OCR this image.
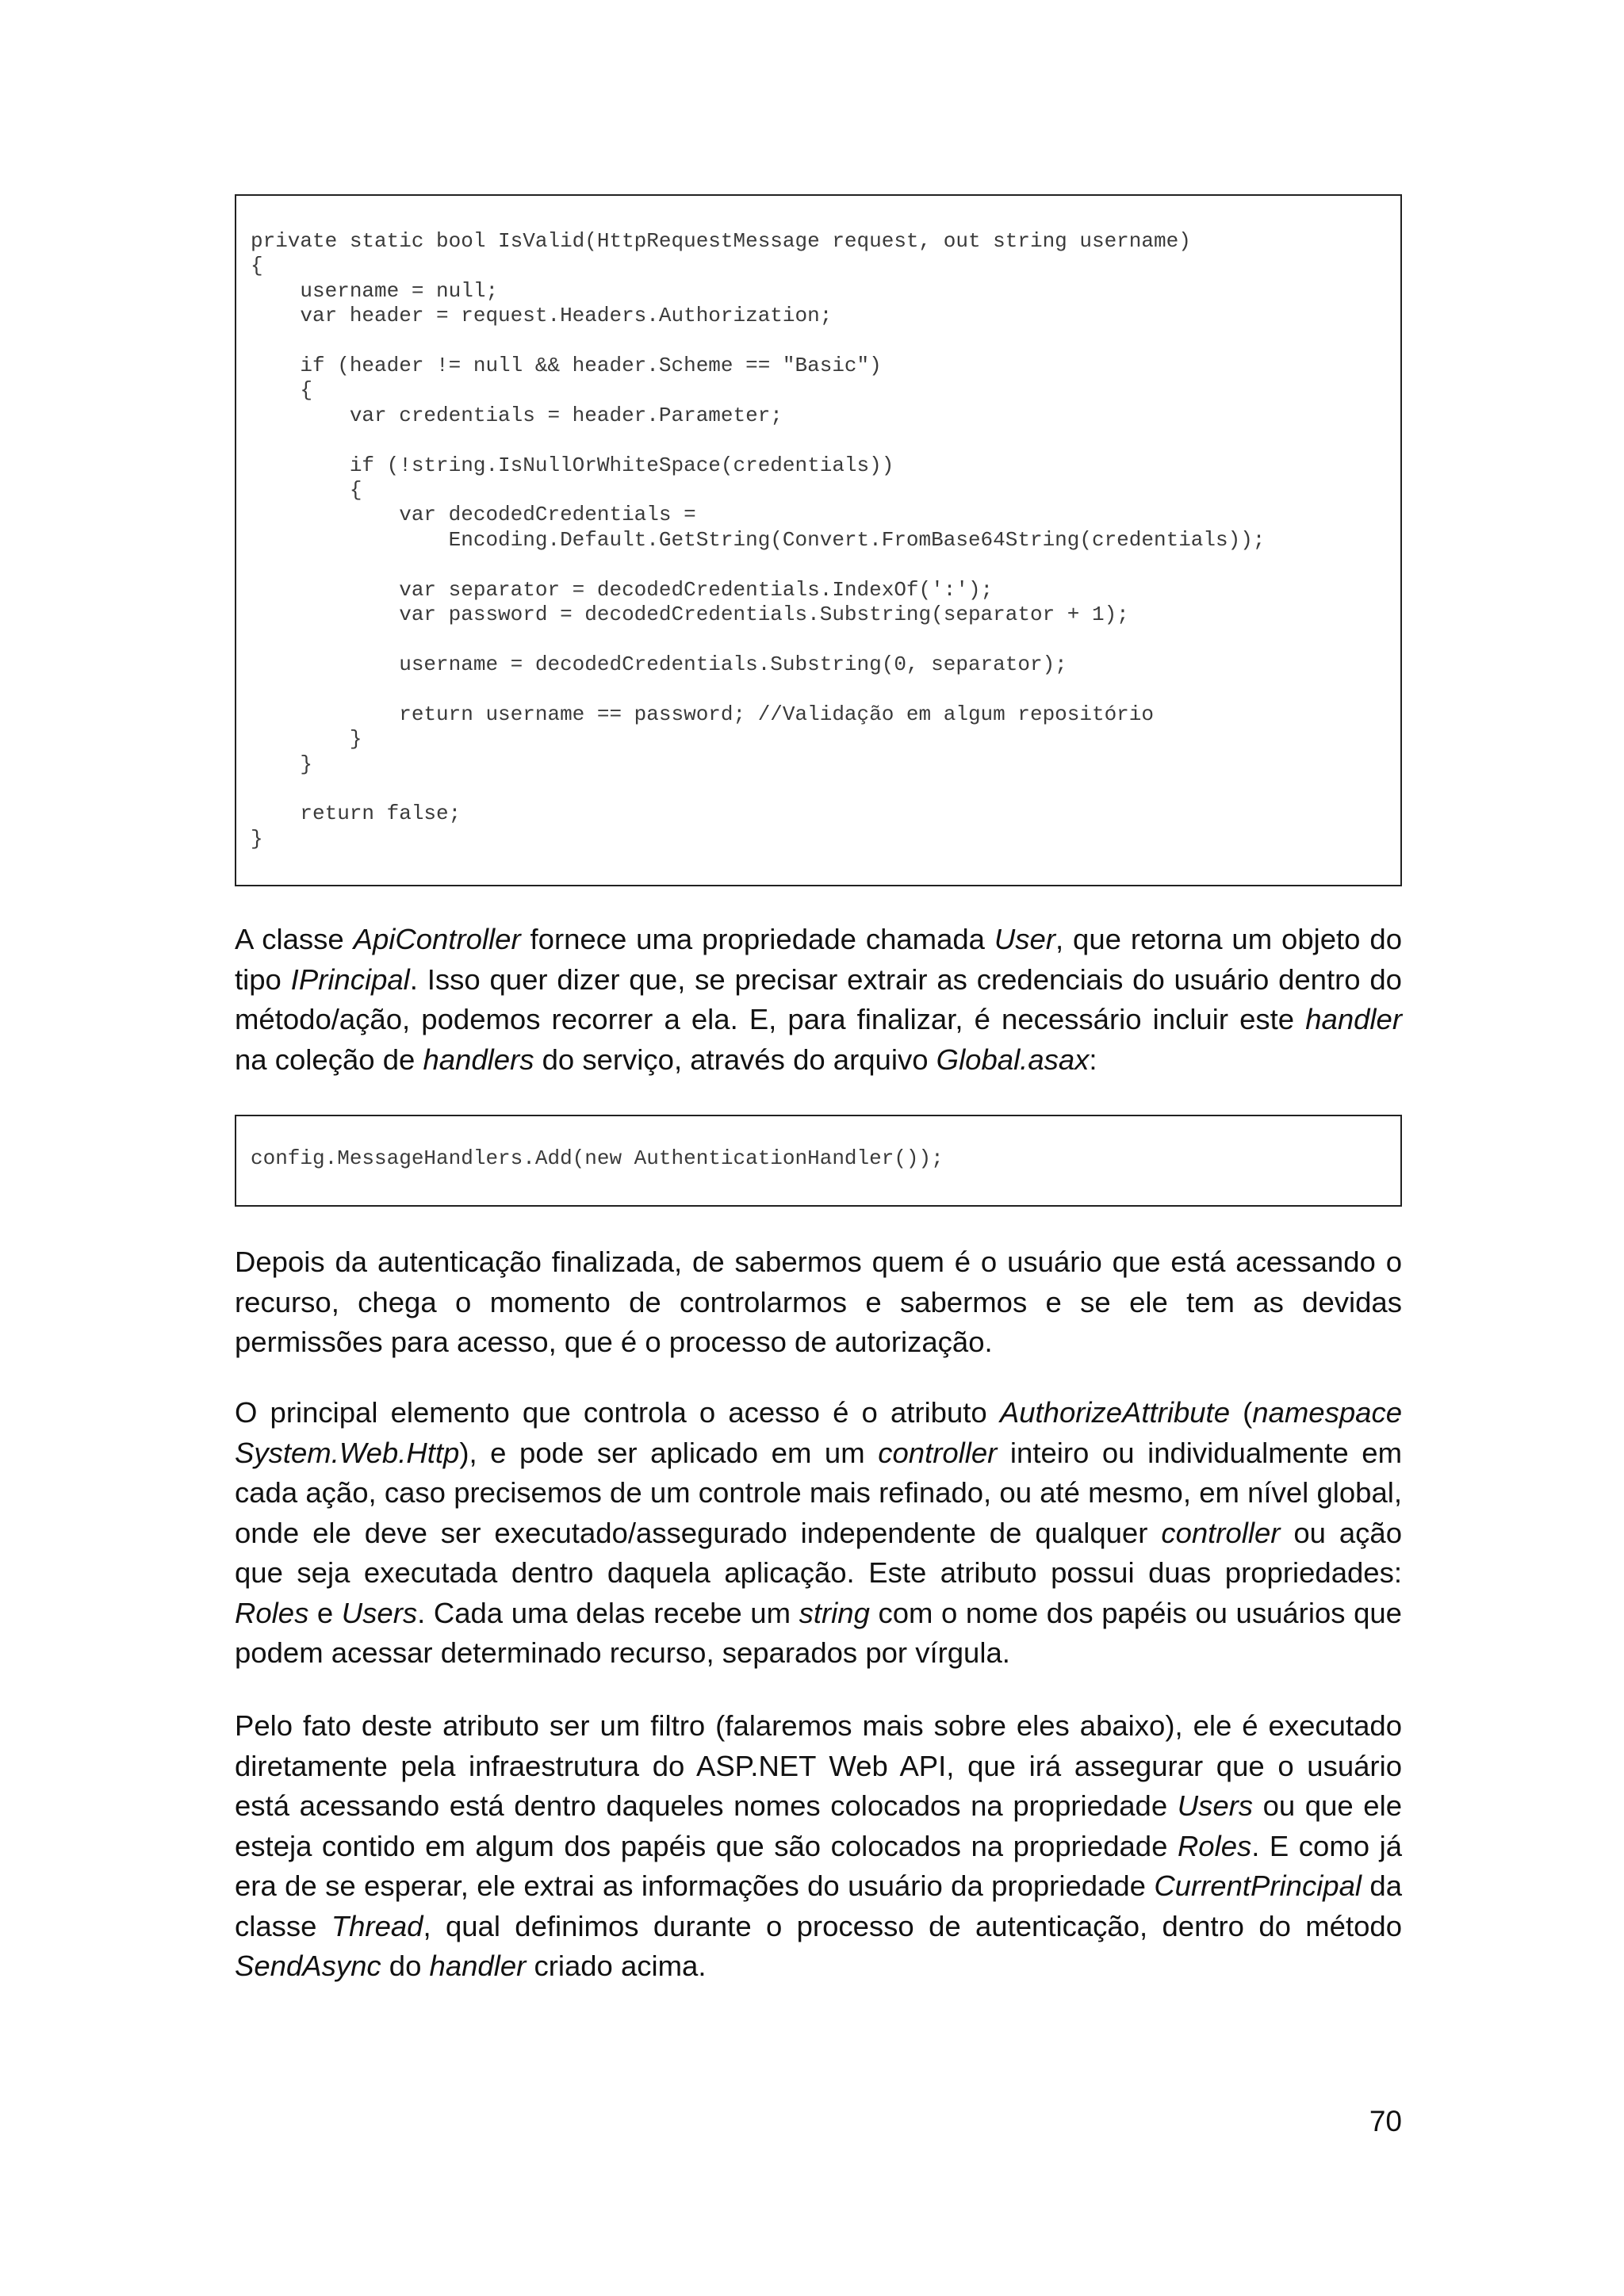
private static bool IsValid(HttpRequestMessage request, out string username)
{
username = null;
var header = request.Headers.Authorization;

if (header != null && header.Scheme == "Basic")
{
var credentials = header.Parameter;

if (!string.IsNullOrWhiteSpace(credentials))
{
var decodedCredentials =
Encoding.Default.GetString(Convert.FromBase64String(credentials));

var separator = decodedCredentials.IndexOf(':');
var password = decodedCredentials.Substring(separator + 1);

username = decodedCredentials.Substring(0, separator);

return username == password; //Validação em algum repositório
}
}

return false;
}

A classe ApiController fornece uma propriedade chamada User, que retorna um objeto do tipo IPrincipal. Isso quer dizer que, se precisar extrair as credenciais do usuário dentro do método/ação, podemos recorrer a ela. E, para finalizar, é necessário incluir este handler na coleção de handlers do serviço, através do arquivo Global.asax:

config.MessageHandlers.Add(new AuthenticationHandler());

Depois da autenticação finalizada, de sabermos quem é o usuário que está acessando o recurso, chega o momento de controlarmos e sabermos e se ele tem as devidas permissões para acesso, que é o processo de autorização.

O principal elemento que controla o acesso é o atributo AuthorizeAttribute (namespace System.Web.Http), e pode ser aplicado em um controller inteiro ou individualmente em cada ação, caso precisemos de um controle mais refinado, ou até mesmo, em nível global, onde ele deve ser executado/assegurado independente de qualquer controller ou ação que seja executada dentro daquela aplicação. Este atributo possui duas propriedades: Roles e Users. Cada uma delas recebe um string com o nome dos papéis ou usuários que podem acessar determinado recurso, separados por vírgula.

Pelo fato deste atributo ser um filtro (falaremos mais sobre eles abaixo), ele é executado diretamente pela infraestrutura do ASP.NET Web API, que irá assegurar que o usuário está acessando está dentro daqueles nomes colocados na propriedade Users ou que ele esteja contido em algum dos papéis que são colocados na propriedade Roles. E como já era de se esperar, ele extrai as informações do usuário da propriedade CurrentPrincipal da classe Thread, qual definimos durante o processo de autenticação, dentro do método SendAsync do handler criado acima.

70
